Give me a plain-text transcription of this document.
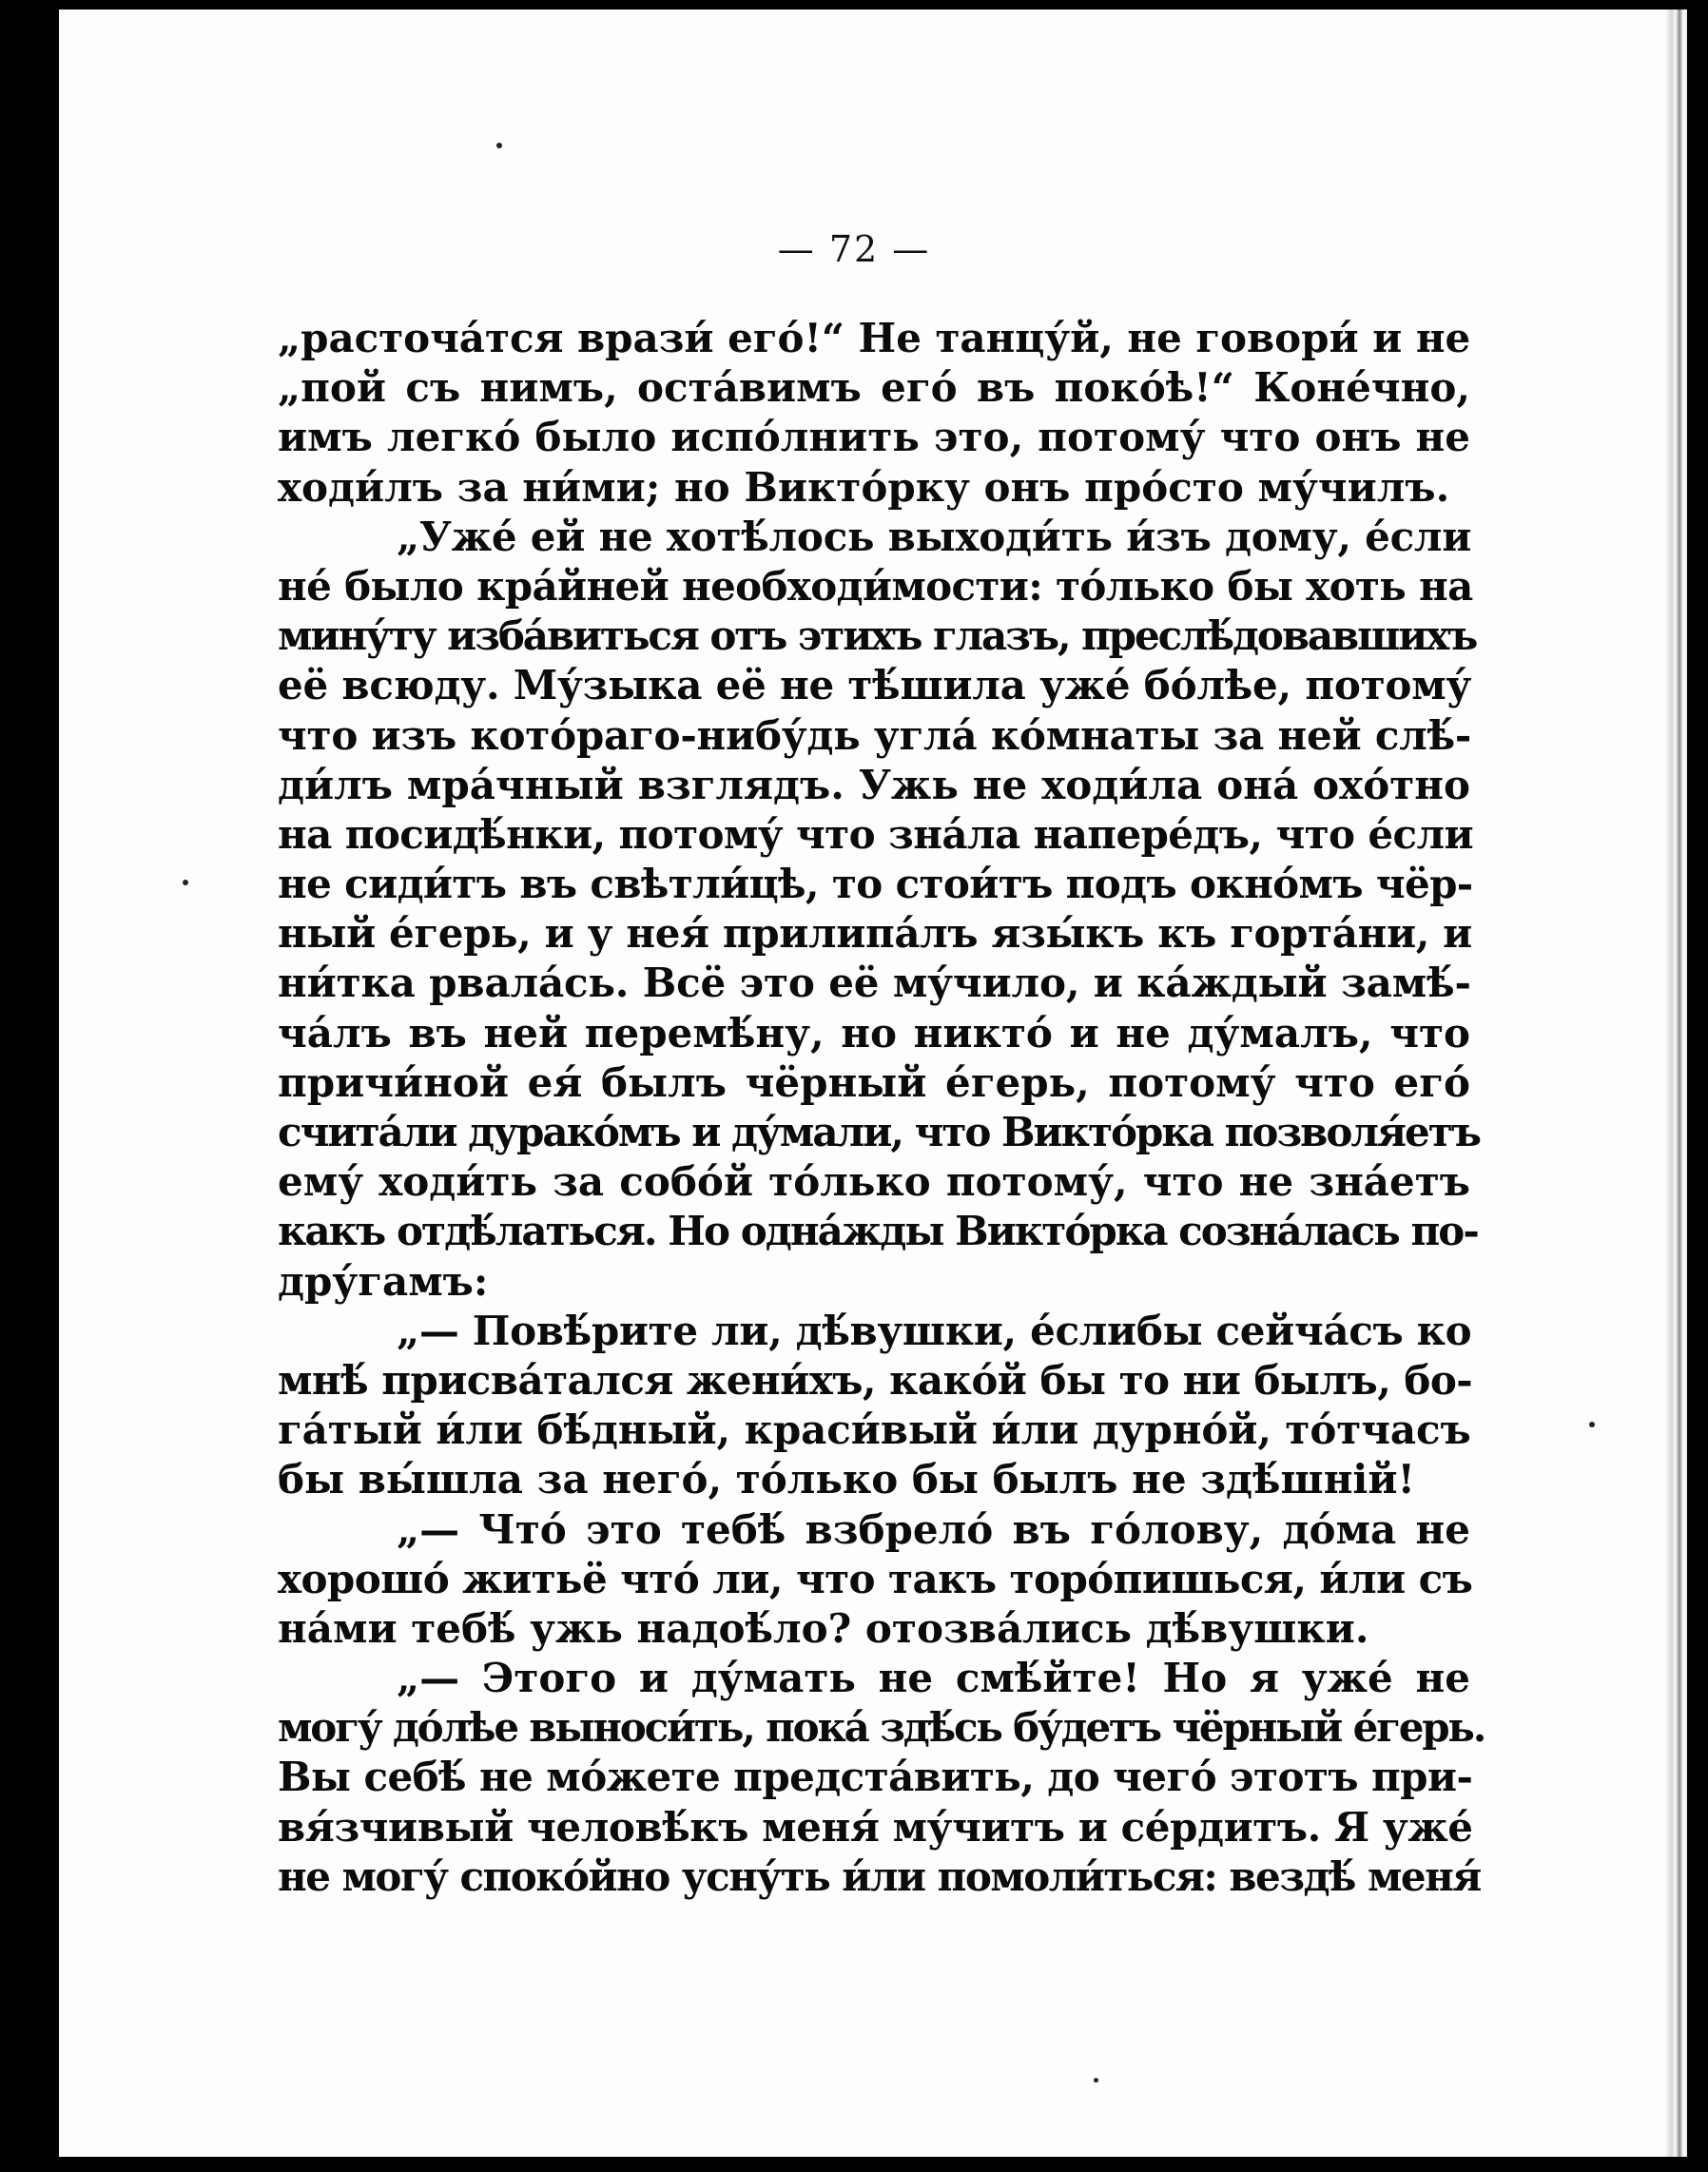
— 72 —
„расточа́тся врази́ его́!“ Не танцу́й, не говори́ и не
„пой съ нимъ, оста́вимъ его́ въ поко́ѣ!“ Коне́чно,
имъ легко́ было испо́лнить это, потому́ что онъ не
ходи́лъ за ни́ми; но Викто́рку онъ про́сто му́чилъ.
„Уже́ ей не хотѣ́лось выходи́ть и́зъ дому, е́сли
не́ было кра́йней необходи́мости: то́лько бы хоть на
мину́ту изба́виться отъ этихъ глазъ, преслѣ́довавшихъ
её всюду. Му́зыка её не тѣ́шила уже́ бо́лѣе, потому́
что изъ кото́раго-нибу́дь угла́ ко́мнаты за ней слѣ́-
ди́лъ мра́чный взглядъ. Ужь не ходи́ла она́ охо́тно
на посидѣ́нки, потому́ что зна́ла напере́дъ, что е́сли
не сиди́тъ въ свѣтли́цѣ, то стои́тъ подъ окно́мъ чёр-
ный е́герь, и у нея́ прилипа́лъ язы́къ къ горта́ни, и
ни́тка рвала́сь. Всё это её му́чило, и ка́ждый замѣ́-
ча́лъ въ ней перемѣ́ну, но никто́ и не ду́малъ, что
причи́ной ея́ былъ чёрный е́герь, потому́ что его́
счита́ли дурако́мъ и ду́мали, что Викто́рка позволя́етъ
ему́ ходи́ть за собо́й то́лько потому́, что не зна́етъ
какъ отдѣ́латься. Но одна́жды Викто́рка созна́лась по-
дру́гамъ:
„— Повѣ́рите ли, дѣ́вушки, е́слибы сейча́съ ко
мнѣ́ присва́тался жени́хъ, како́й бы то ни былъ, бо-
га́тый и́ли бѣ́дный, краси́вый и́ли дурно́й, то́тчасъ
бы вы́шла за него́, то́лько бы былъ не здѣ́шній!
„— Что́ это тебѣ́ взбрело́ въ го́лову, до́ма не
хорошо́ житьё что́ ли, что такъ торо́пишься, и́ли съ
на́ми тебѣ́ ужь надоѣ́ло? отозва́лись дѣ́вушки.
„— Этого и ду́мать не смѣ́йте! Но я уже́ не
могу́ до́лѣе выноси́ть, пока́ здѣ́сь бу́детъ чёрный е́герь.
Вы себѣ́ не мо́жете предста́вить, до чего́ этотъ при-
вя́зчивый человѣ́къ меня́ му́читъ и се́рдитъ. Я уже́
не могу́ споко́йно усну́ть и́ли помоли́ться: вездѣ́ меня́
